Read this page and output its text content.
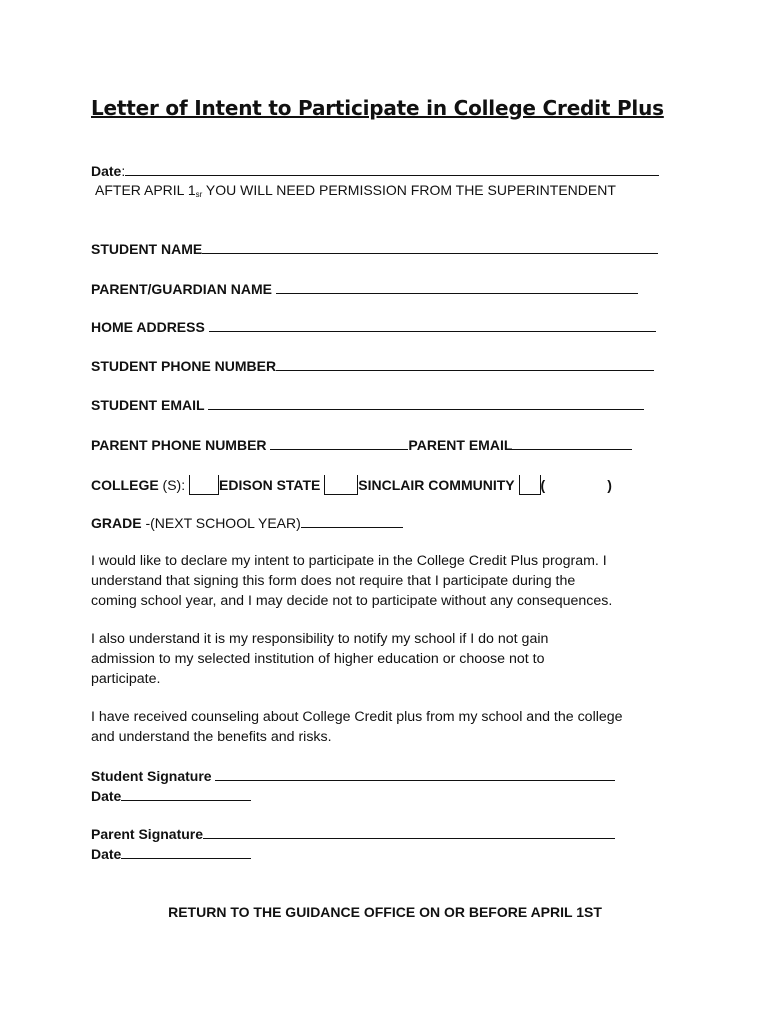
Letter of Intent to Participate in College Credit Plus
Date:
AFTER APRIL $1^{sr}$ YOU WILL NEED PERMISSION FROM THE SUPERINTENDENT
STUDENT NAME
PARENT/GUARDIAN NAME
HOME ADDRESS
STUDENT PHONE NUMBER
STUDENT EMAIL
PARENT PHONE NUMBER	PARENT EMAIL
COLLEGE (S): EDISON STATE	SINCLAIR COMMUNITY (	)
GRADE -(NEXT SCHOOL YEAR)
I would like to declare my intent to participate in the College Credit Plus program. I
understand that signing this form does not require that I participate during the
coming school year, and I may decide not to participate without any consequences.
I also understand it is my responsibility to notify my school if I do not gain
admission to my selected institution of higher education or choose not to
participate.
I have received counseling about College Credit plus from my school and the college
and understand the benefits and risks.
Student Signature
Date
Parent Signature
Date
RETURN TO THE GUIDANCE OFFICE ON OR BEFORE APRIL 1ST
